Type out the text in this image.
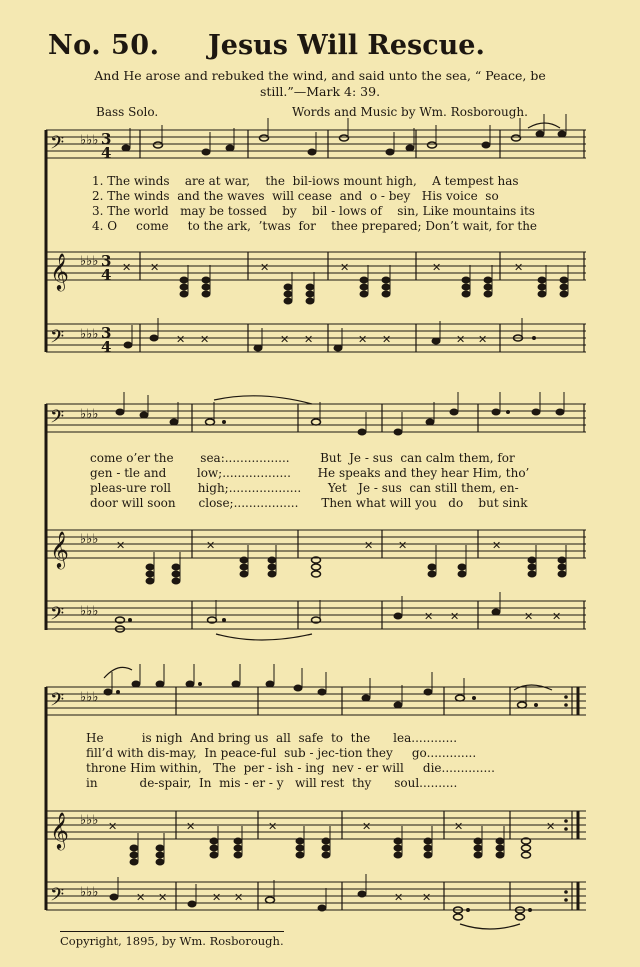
No. 50. Jesus Will Rescue.
And He arose and rebuked the wind, and said unto the sea, “ Peace, be
still.”—Mark 4: 39.
Bass Solo.	Words and Music by Wm. Rosborough.
𝄢
𝄞
𝄢
♭♭♭
♭♭♭
♭♭♭
3
4
3
4
3
4
✕ ✕	✕	✕	✕	✕
✕ ✕	✕ ✕	✕ ✕	✕ ✕
𝄢
𝄞
𝄢
♭♭♭
♭♭♭
♭♭♭
✕	✕	✕ ✕	✕
✕ ✕	✕ ✕
𝄢
𝄞
𝄢
♭♭♭
♭♭♭
♭♭♭
✕	✕	✕	✕	✕	✕
✕ ✕	✕ ✕	✕ ✕
1. The winds    are at war,    the  bil-iows mount high,    A tempest has
2. The winds  and the waves  will cease  and  o - bey   His voice  so
3. The world   may be tossed    by    bil - lows of    sin, Like mountains its
4. O     come     to the ark,  ’twas  for    thee prepared; Don’t wait, for the
come o’er the       sea:.................        But  Je - sus  can calm them, for
gen - tle and        low;..................       He speaks and they hear Him, tho’
pleas-ure roll       high;...................       Yet   Je - sus  can still them, en-
door will soon      close;.................      Then what will you   do    but sink
He          is nigh  And bring us  all  safe  to  the      lea............
fill’d with dis-may,  In peace-ful  sub - jec-tion they     go.............
throne Him within,   The  per - ish - ing  nev - er will     die..............
in           de-spair,  In  mis - er - y   will rest  thy      soul..........
Copyright, 1895, by Wm. Rosborough.
